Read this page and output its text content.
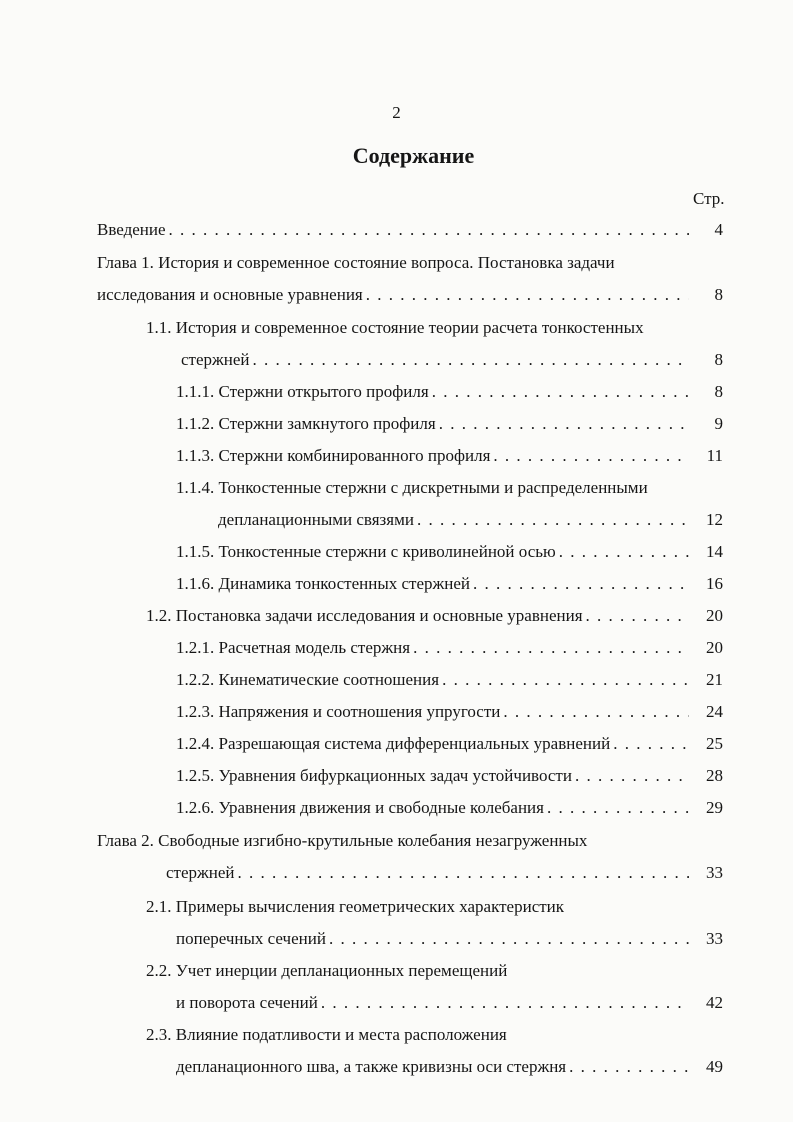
2
Содержание
Стр.
Введение . . .	4
Глава 1. История и современное состояние вопроса. Постановка задачи
исследования и основные уравнения . . .	8
1.1. История и современное состояние теории расчета тонкостенных
стержней . . .	8
1.1.1. Стержни открытого профиля . . .	8
1.1.2. Стержни замкнутого профиля . . .	9
1.1.3. Стержни комбинированного профиля . . .	11
1.1.4. Тонкостенные стержни с дискретными и распределенными
депланационными связями . . .	12
1.1.5. Тонкостенные стержни с криволинейной осью . . .	14
1.1.6. Динамика тонкостенных стержней . . .	16
1.2. Постановка задачи исследования и основные уравнения . . .	20
1.2.1. Расчетная модель стержня . . .	20
1.2.2. Кинематические соотношения . . .	21
1.2.3. Напряжения и соотношения упругости . . .	24
1.2.4. Разрешающая система дифференциальных уравнений . . .	25
1.2.5. Уравнения бифуркационных задач устойчивости . . .	28
1.2.6. Уравнения движения и свободные колебания . . .	29
Глава 2. Свободные изгибно-крутильные колебания незагруженных
стержней . . .	33
2.1. Примеры вычисления геометрических характеристик
поперечных сечений . . .	33
2.2. Учет инерции депланационных перемещений
и поворота сечений . . .	42
2.3. Влияние податливости и места расположения
депланационного шва, а также кривизны оси стержня . . .	49
